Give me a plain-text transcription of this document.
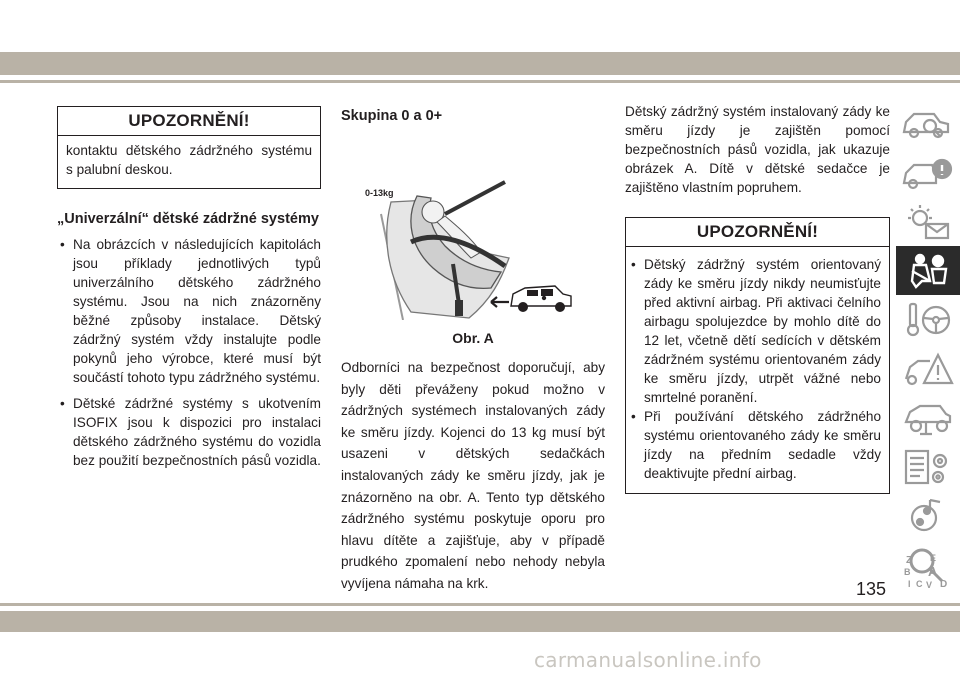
UPOZORNĚNÍ!

kontaktu dětského zádržného systému

s palubní deskou.

„Univerzální“ dětské zádržné systémy
• Na obrázcích v následujících kapitolách jsou příklady jednotlivých typů univerzálního dětského zádržného systému. Jsou na nich znázorněny běžné způsoby instalace. Dětský zádržný systém vždy instalujte podle pokynů jeho výrobce, které musí být součástí tohoto typu zádržného systému.
• Dětské zádržné systémy s ukotvením ISOFIX jsou k dispozici pro instalaci dětského zádržného systému do vozidla bez použití bezpečnostních pásů vozidla.
Skupina 0 a 0+
0-13kg
Obr. A

Odborníci na bezpečnost doporučují, aby byly děti převáženy pokud možno v zádržných systémech instalovaných zády ke směru jízdy. Kojenci do 13 kg musí být usazeni v dětských sedačkách instalovaných zády ke směru jízdy, jak je znázorněno na obr. A. Tento typ dětského zádržného systému poskytuje oporu pro hlavu dítěte a zajišťuje, aby v případě prudkého zpomalení nebo nehody nebyla vyvíjena námaha na krk.

Dětský zádržný systém instalovaný zády ke směru jízdy je zajištěn pomocí bezpečnostních pásů vozidla, jak ukazuje obrázek A. Dítě v dětské sedačce je zajištěno vlastním popruhem.

UPOZORNĚNÍ!
• Dětský zádržný systém orientovaný zády ke směru jízdy nikdy neumisťujte před aktivní airbag. Při aktivaci čelního airbagu spolujezdce by mohlo dítě do 12 let, včetně dětí sedících v dětském zádržném systému orientovaném zády ke směru jízdy, utrpět vážné nebo smrtelné poranění.
• Při používání dětského zádržného systému orientovaného zády ke směru jízdy na předním sedadle vždy deaktivujte přední airbag.
Z E
B A
I C V D
135
carmanualsonline.info
